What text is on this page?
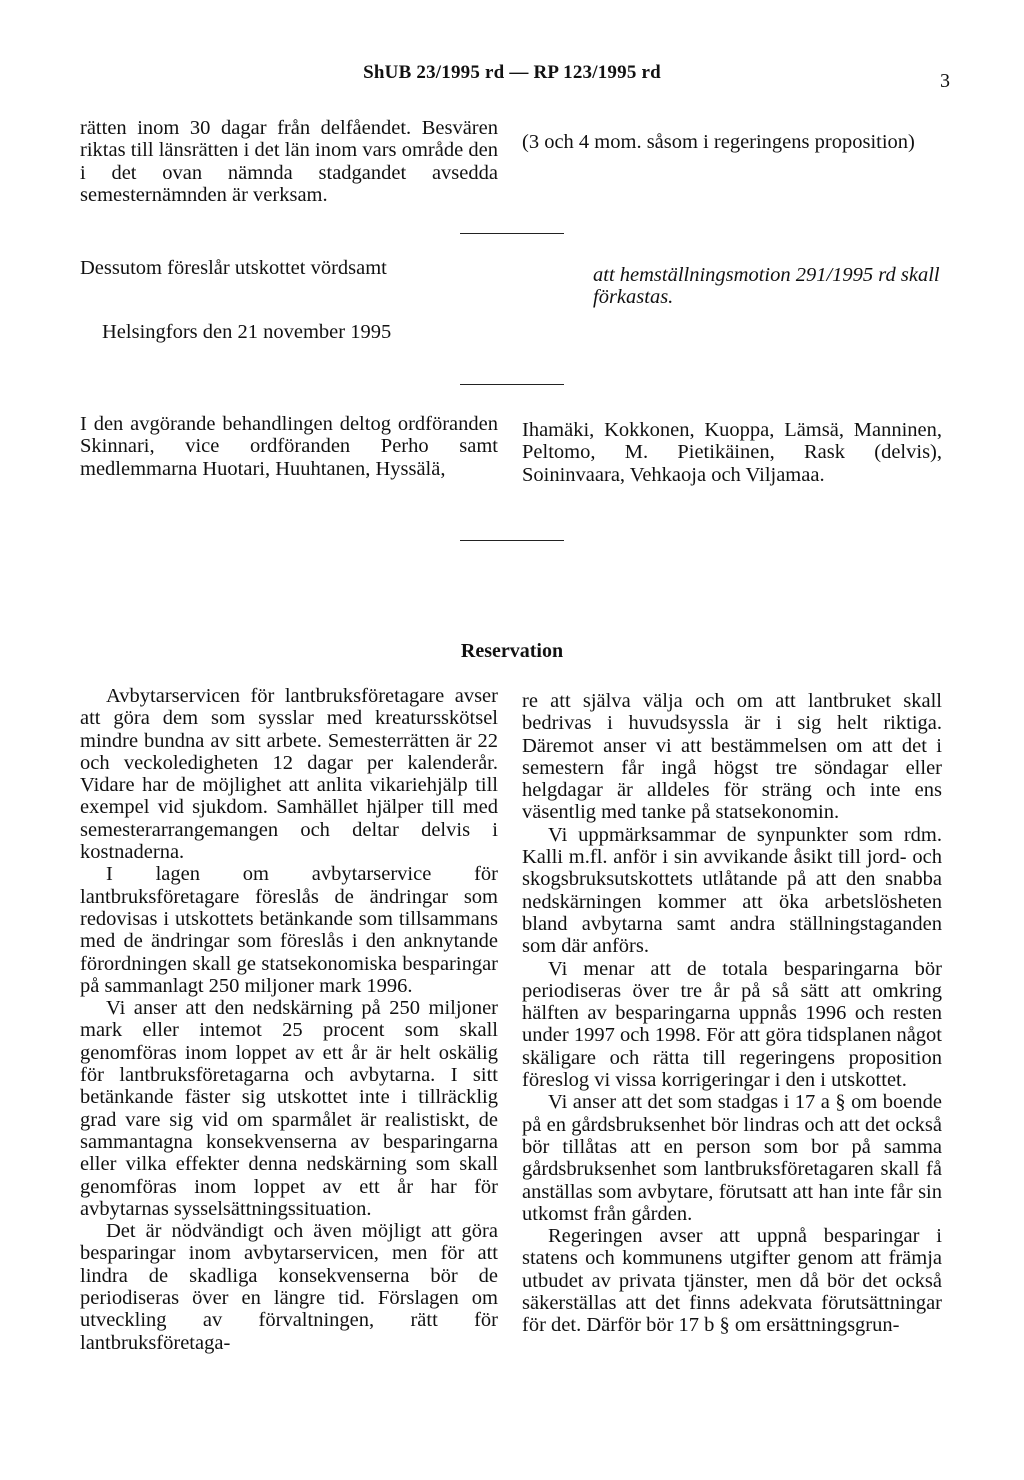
ShUB 23/1995 rd — RP 123/1995 rd	3

rätten inom 30 dagar från delfåendet. Besvären riktas till länsrätten i det län inom vars område den i det ovan nämnda stadgandet avsedda semesternämnden är verksam.

(3 och 4 mom. såsom i regeringens proposition)

Dessutom föreslår utskottet vördsamt	att hemställningsmotion 291/1995 rd skall förkastas.
Helsingfors den 21 november 1995

I den avgörande behandlingen deltog ordföranden Skinnari, vice ordföranden Perho samt medlemmarna Huotari, Huuhtanen, Hyssälä,

Ihamäki, Kokkonen, Kuoppa, Lämsä, Manninen, Peltomo, M. Pietikäinen, Rask (delvis), Soininvaara, Vehkaoja och Viljamaa.

Reservation

Avbytarservicen för lantbruksföretagare avser att göra dem som sysslar med kreatursskötsel mindre bundna av sitt arbete. Semesterrätten är 22 och veckoledigheten 12 dagar per kalenderår. Vidare har de möjlighet att anlita vikariehjälp till exempel vid sjukdom. Samhället hjälper till med semesterarrangemangen och deltar delvis i kostnaderna.

I lagen om avbytarservice för lantbruksföretagare föreslås de ändringar som redovisas i utskottets betänkande som tillsammans med de ändringar som föreslås i den anknytande förordningen skall ge statsekonomiska besparingar på sammanlagt 250 miljoner mark 1996.

Vi anser att den nedskärning på 250 miljoner mark eller intemot 25 procent som skall genomföras inom loppet av ett år är helt oskälig för lantbruksföretagarna och avbytarna. I sitt betänkande fäster sig utskottet inte i tillräcklig grad vare sig vid om sparmålet är realistiskt, de sammantagna konsekvenserna av besparingarna eller vilka effekter denna nedskärning som skall genomföras inom loppet av ett år har för avbytarnas sysselsättningssituation.

Det är nödvändigt och även möjligt att göra besparingar inom avbytarservicen, men för att lindra de skadliga konsekvenserna bör de periodiseras över en längre tid. Förslagen om utveckling av förvaltningen, rätt för lantbruksföretaga-

re att själva välja och om att lantbruket skall bedrivas i huvudsyssla är i sig helt riktiga. Däremot anser vi att bestämmelsen om att det i semestern får ingå högst tre söndagar eller helgdagar är alldeles för sträng och inte ens väsentlig med tanke på statsekonomin.

Vi uppmärksammar de synpunkter som rdm. Kalli m.fl. anför i sin avvikande åsikt till jord- och skogsbruksutskottets utlåtande på att den snabba nedskärningen kommer att öka arbetslösheten bland avbytarna samt andra ställningstaganden som där anförs.

Vi menar att de totala besparingarna bör periodiseras över tre år på så sätt att omkring hälften av besparingarna uppnås 1996 och resten under 1997 och 1998. För att göra tidsplanen något skäligare och rätta till regeringens proposition föreslog vi vissa korrigeringar i den i utskottet.

Vi anser att det som stadgas i 17 a § om boende på en gårdsbruksenhet bör lindras och att det också bör tillåtas att en person som bor på samma gårdsbruksenhet som lantbruksföretagaren skall få anställas som avbytare, förutsatt att han inte får sin utkomst från gården.

Regeringen avser att uppnå besparingar i statens och kommunens utgifter genom att främja utbudet av privata tjänster, men då bör det också säkerställas att det finns adekvata förutsättningar för det. Därför bör 17 b § om ersättningsgrun-
